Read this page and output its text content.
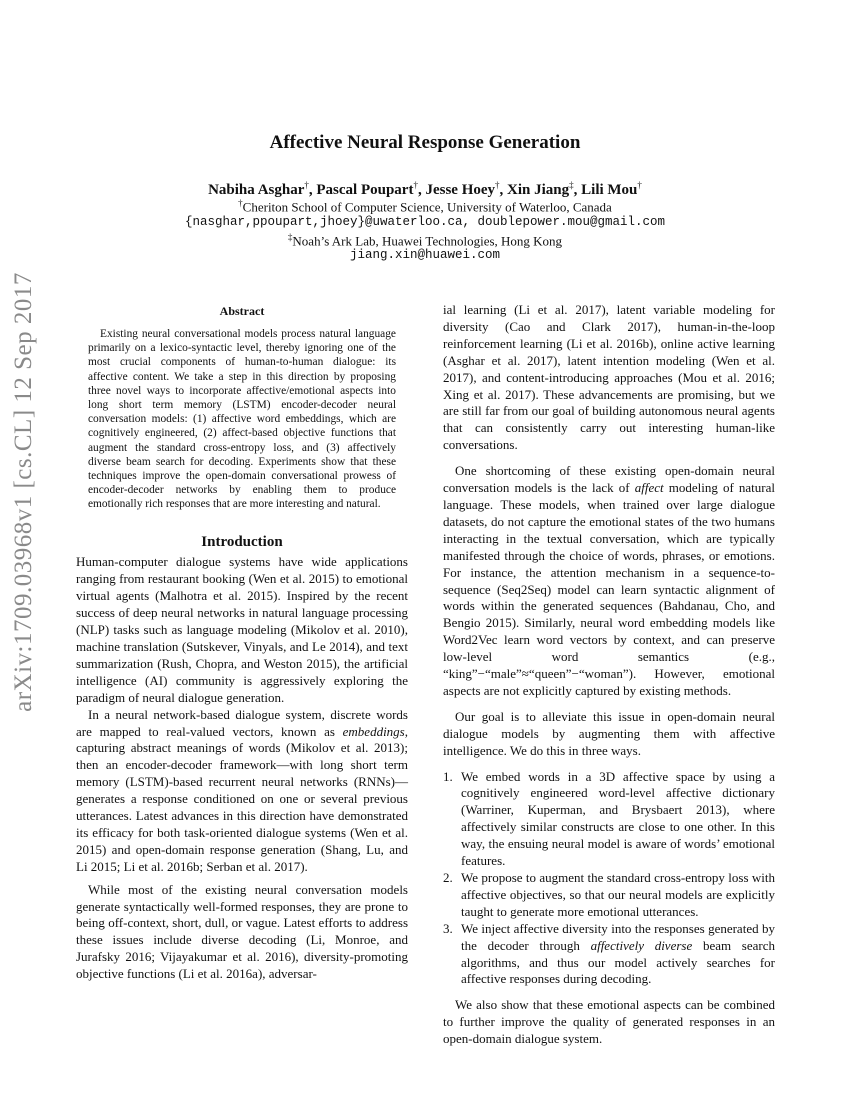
arXiv:1709.03968v1 [cs.CL] 12 Sep 2017
Affective Neural Response Generation
Nabiha Asghar†, Pascal Poupart†, Jesse Hoey†, Xin Jiang‡, Lili Mou†
†Cheriton School of Computer Science, University of Waterloo, Canada
{nasghar,ppoupart,jhoey}@uwaterloo.ca, doublepower.mou@gmail.com
‡Noah’s Ark Lab, Huawei Technologies, Hong Kong
jiang.xin@huawei.com

Abstract

Existing neural conversational models process natural language primarily on a lexico-syntactic level, thereby ignoring one of the most crucial components of human-to-human dialogue: its affective content. We take a step in this direction by proposing three novel ways to incorporate affective/emotional aspects into long short term memory (LSTM) encoder-decoder neural conversation models: (1) affective word embeddings, which are cognitively engineered, (2) affect-based objective functions that augment the standard cross-entropy loss, and (3) affectively diverse beam search for decoding. Experiments show that these techniques improve the open-domain conversational prowess of encoder-decoder networks by enabling them to produce emotionally rich responses that are more interesting and natural.

Introduction

Human-computer dialogue systems have wide applications ranging from restaurant booking (Wen et al. 2015) to emotional virtual agents (Malhotra et al. 2015). Inspired by the recent success of deep neural networks in natural language processing (NLP) tasks such as language modeling (Mikolov et al. 2010), machine translation (Sutskever, Vinyals, and Le 2014), and text summarization (Rush, Chopra, and Weston 2015), the artificial intelligence (AI) community is aggressively exploring the paradigm of neural dialogue generation.

In a neural network-based dialogue system, discrete words are mapped to real-valued vectors, known as embeddings, capturing abstract meanings of words (Mikolov et al. 2013); then an encoder-decoder framework—with long short term memory (LSTM)-based recurrent neural networks (RNNs)—generates a response conditioned on one or several previous utterances. Latest advances in this direction have demonstrated its efficacy for both task-oriented dialogue systems (Wen et al. 2015) and open-domain response generation (Shang, Lu, and Li 2015; Li et al. 2016b; Serban et al. 2017).

While most of the existing neural conversation models generate syntactically well-formed responses, they are prone to being off-context, short, dull, or vague. Latest efforts to address these issues include diverse decoding (Li, Monroe, and Jurafsky 2016; Vijayakumar et al. 2016), diversity-promoting objective functions (Li et al. 2016a), adversar-

ial learning (Li et al. 2017), latent variable modeling for diversity (Cao and Clark 2017), human-in-the-loop reinforcement learning (Li et al. 2016b), online active learning (Asghar et al. 2017), latent intention modeling (Wen et al. 2017), and content-introducing approaches (Mou et al. 2016; Xing et al. 2017). These advancements are promising, but we are still far from our goal of building autonomous neural agents that can consistently carry out interesting human-like conversations.

One shortcoming of these existing open-domain neural conversation models is the lack of affect modeling of natural language. These models, when trained over large dialogue datasets, do not capture the emotional states of the two humans interacting in the textual conversation, which are typically manifested through the choice of words, phrases, or emotions. For instance, the attention mechanism in a sequence-to-sequence (Seq2Seq) model can learn syntactic alignment of words within the generated sequences (Bahdanau, Cho, and Bengio 2015). Similarly, neural word embedding models like Word2Vec learn word vectors by context, and can preserve low-level word semantics (e.g., “king”−“male”≈“queen”−“woman”). However, emotional aspects are not explicitly captured by existing methods.

Our goal is to alleviate this issue in open-domain neural dialogue models by augmenting them with affective intelligence. We do this in three ways.

1. We embed words in a 3D affective space by using a cognitively engineered word-level affective dictionary (Warriner, Kuperman, and Brysbaert 2013), where affectively similar constructs are close to one other. In this way, the ensuing neural model is aware of words’ emotional features.
2. We propose to augment the standard cross-entropy loss with affective objectives, so that our neural models are explicitly taught to generate more emotional utterances.
3. We inject affective diversity into the responses generated by the decoder through affectively diverse beam search algorithms, and thus our model actively searches for affective responses during decoding.

We also show that these emotional aspects can be combined to further improve the quality of generated responses in an open-domain dialogue system.
